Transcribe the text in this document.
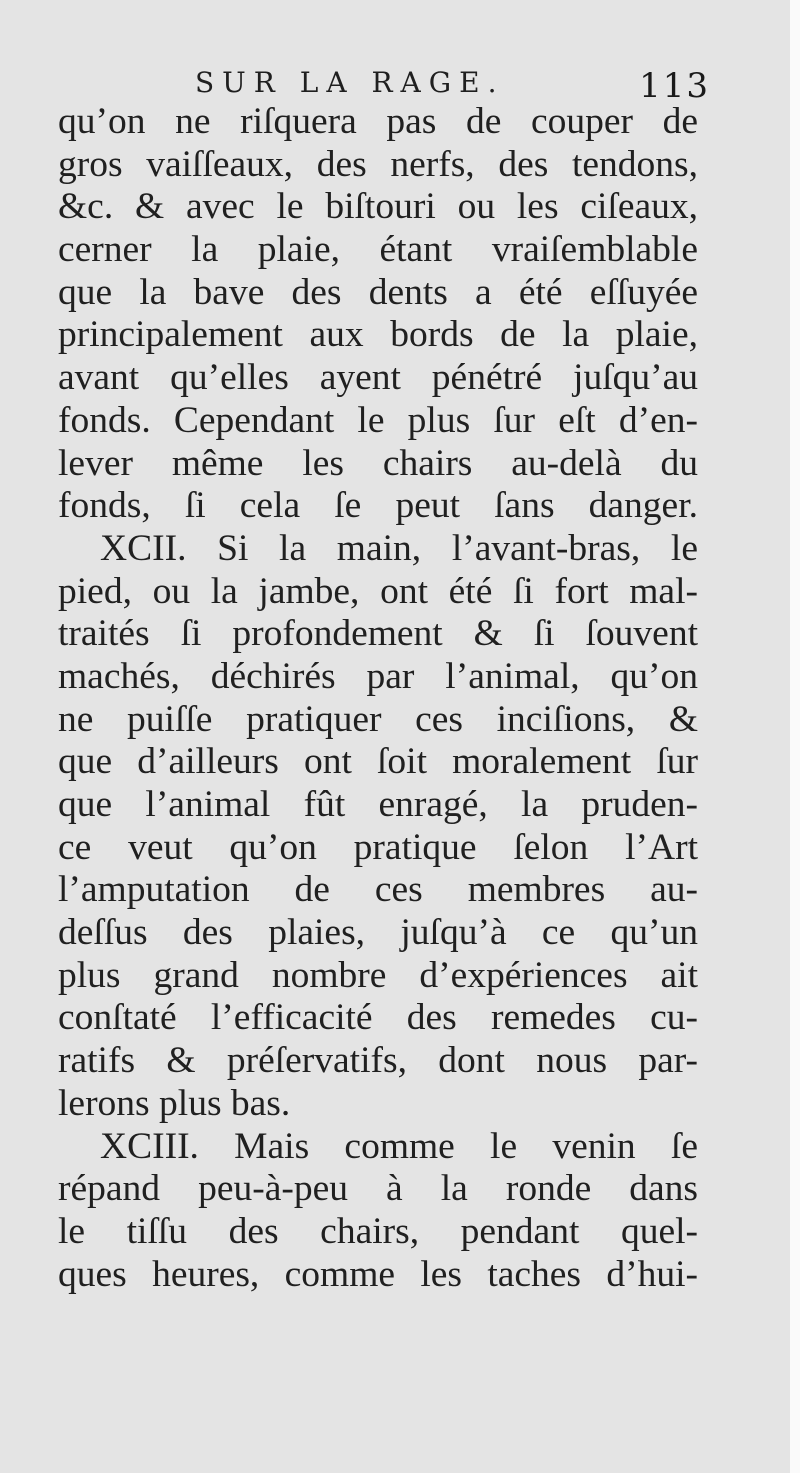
SUR LA RAGE.	113
qu’on ne riſquera pas de couper de
gros vaiſſeaux, des nerfs, des tendons,
&c. & avec le biſtouri ou les ciſeaux,
cerner la plaie, étant vraiſemblable
que la bave des dents a été eſſuyée
principalement aux bords de la plaie,
avant qu’elles ayent pénétré juſqu’au
fonds. Cependant le plus ſur eſt d’en-
lever même les chairs au-delà du
fonds, ſi cela ſe peut ſans danger.
XCII. Si la main, l’avant-bras, le
pied, ou la jambe, ont été ſi fort mal-
traités ſi profondement & ſi ſouvent
machés, déchirés par l’animal, qu’on
ne puiſſe pratiquer ces inciſions, &
que d’ailleurs ont ſoit moralement ſur
que l’animal fût enragé, la pruden-
ce veut qu’on pratique ſelon l’Art
l’amputation de ces membres au-
deſſus des plaies, juſqu’à ce qu’un
plus grand nombre d’expériences ait
conſtaté l’efficacité des remedes cu-
ratifs & préſervatifs, dont nous par-
lerons plus bas.
XCIII. Mais comme le venin ſe
répand peu-à-peu à la ronde dans
le tiſſu des chairs, pendant quel-
ques heures, comme les taches d’hui-
